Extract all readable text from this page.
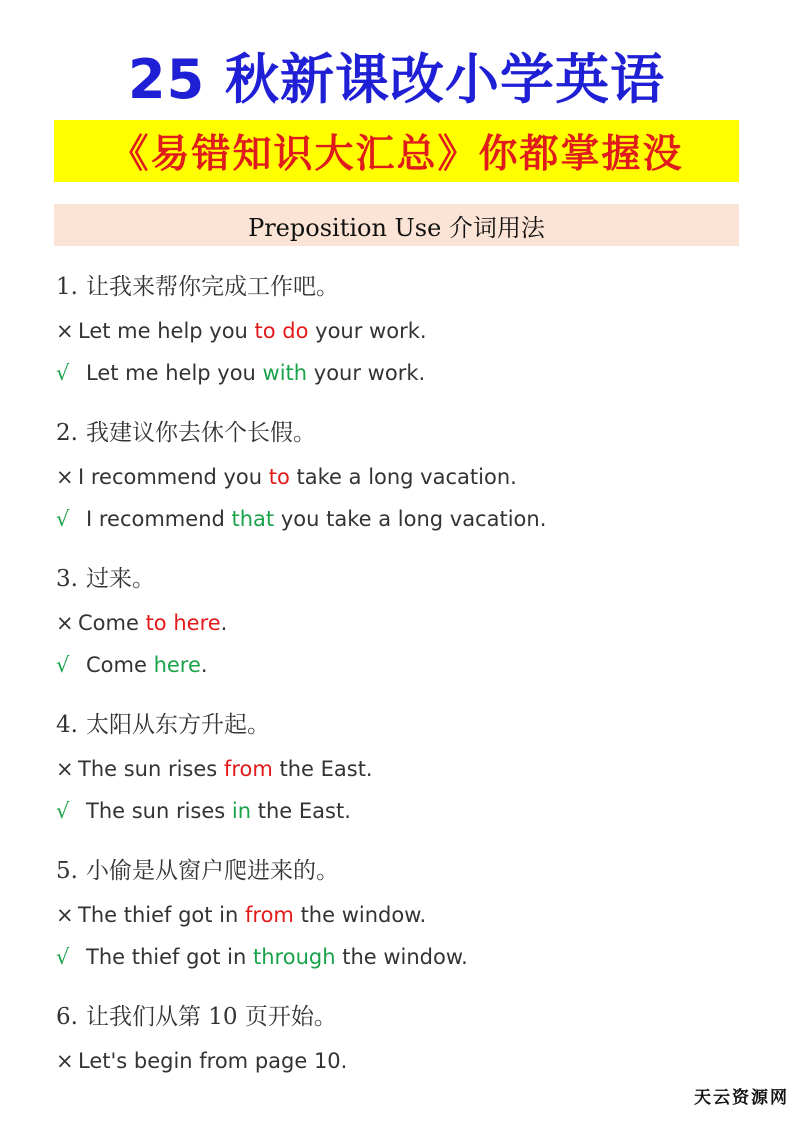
25 秋新课改小学英语
《易错知识大汇总》你都掌握没
Preposition Use 介词用法
1. 让我来帮你完成工作吧。
× Let me help you to do your work.
√ Let me help you with your work.
2. 我建议你去休个长假。
× I recommend you to take a long vacation.
√ I recommend that you take a long vacation.
3. 过来。
× Come to here.
√ Come here.
4. 太阳从东方升起。
× The sun rises from the East.
√ The sun rises in the East.
5. 小偷是从窗户爬进来的。
× The thief got in from the window.
√ The thief got in through the window.
6. 让我们从第 10 页开始。
× Let's begin from page 10.
天云资源网
